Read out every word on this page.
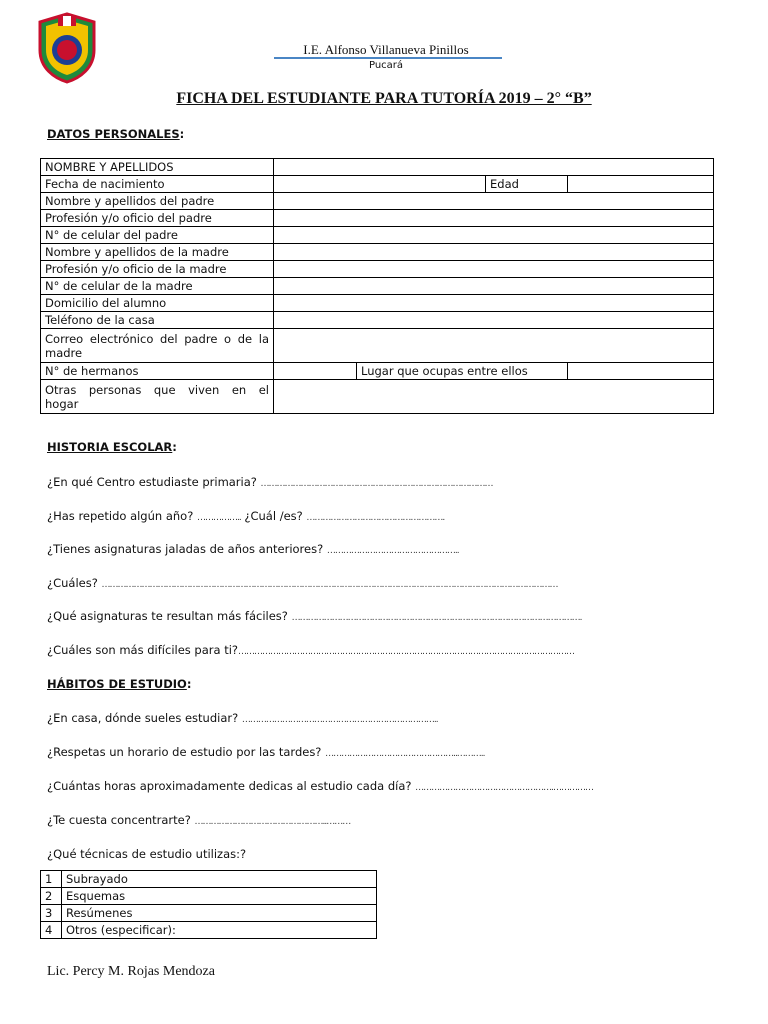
I.E. Alfonso Villanueva Pinillos
Pucará
FICHA DEL ESTUDIANTE PARA TUTORÍA 2019 – 2° “B”
DATOS PERSONALES:
NOMBRE Y APELLIDOS				
Fecha de nacimiento			Edad	
Nombre y apellidos del padre				
Profesión y/o oficio del padre				
N° de celular del padre				
Nombre y apellidos de la madre				
Profesión y/o oficio de la madre				
N° de celular de la madre				
Domicilio del alumno				
Teléfono de la casa				

Correo electrónico del padre o de la
madre				

N° de hermanos		Lugar que ocupas entre ellos		

Otras personas que viven en el
hogar				

HISTORIA ESCOLAR:
¿En qué Centro estudiaste primaria? ……………………………………………………………………………
¿Has repetido algún año? …………….. ¿Cuál /es? …………………………………………….
¿Tienes asignaturas jaladas de años anteriores? …………………………………………..
¿Cuáles? ………………………………………………………………………………………………………………………………………………………
¿Qué asignaturas te resultan más fáciles? ……………………………………………………………………………………………….
¿Cuáles son más difíciles para ti?………………………………………………………………………………………………………………
HÁBITOS DE ESTUDIO:
¿En casa, dónde sueles estudiar? ………………………………………………………………..
¿Respetas un horario de estudio por las tardes? …………………………………………..………..
¿Cuántas horas aproximadamente dedicas al estudio cada día? …………………………………………….……………
¿Te cuesta concentrarte? …………………………………………..………
¿Qué técnicas de estudio utilizas:?
1	Subrayado
2	Esquemas
3	Resúmenes
4	Otros (especificar):
Lic. Percy M. Rojas Mendoza
